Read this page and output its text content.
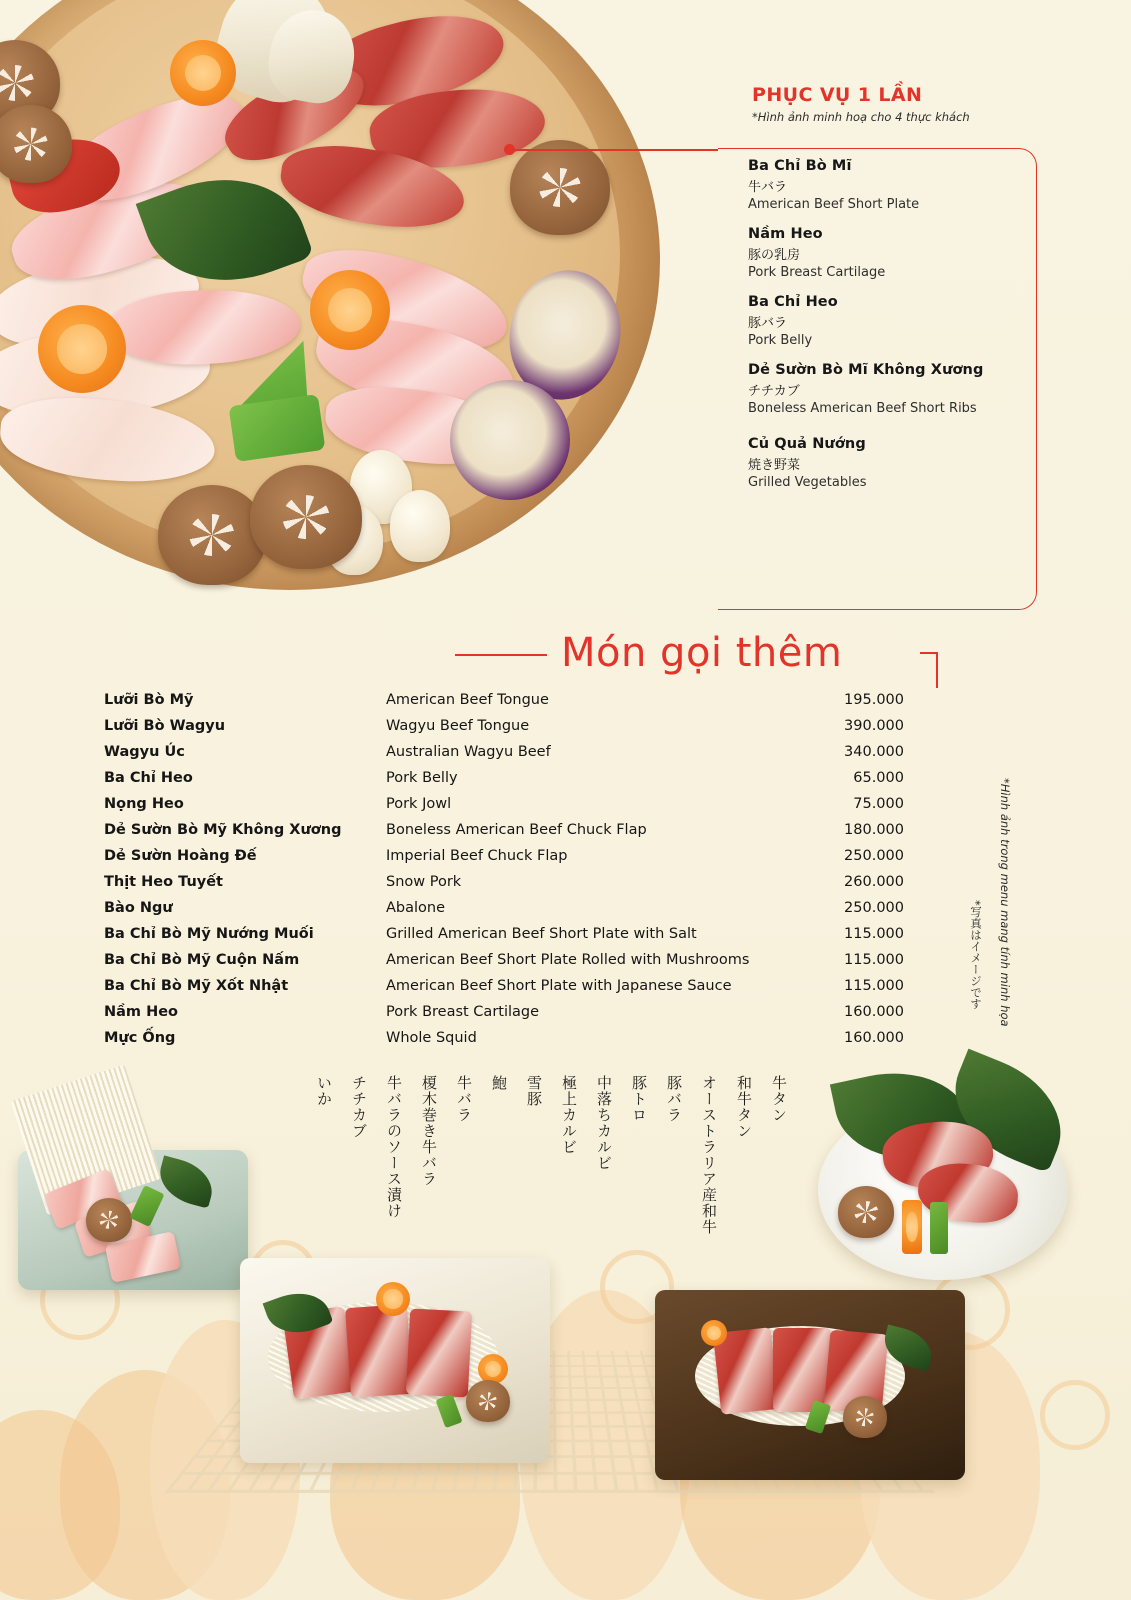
PHỤC VỤ 1 LẦN
*Hình ảnh minh hoạ cho 4 thực khách
Ba Chỉ Bò Mĩ
牛バラ
American Beef Short Plate
Nầm Heo
豚の乳房
Pork Breast Cartilage
Ba Chỉ Heo
豚バラ
Pork Belly
Dẻ Sườn Bò Mĩ Không Xương
チチカブ
Boneless American Beef Short Ribs
Củ Quả Nướng
焼き野菜
Grilled Vegetables
Món gọi thêm
Lưỡi Bò Mỹ	American Beef Tongue	195.000
Lưỡi Bò Wagyu	Wagyu Beef Tongue	390.000
Wagyu Úc	Australian Wagyu Beef	340.000
Ba Chỉ Heo	Pork Belly	65.000
Nọng Heo	Pork Jowl	75.000
Dẻ Sườn Bò Mỹ Không Xương	Boneless American Beef Chuck Flap	180.000
Dẻ Sườn Hoàng Đế	Imperial Beef Chuck Flap	250.000
Thịt Heo Tuyết	Snow Pork	260.000
Bào Ngư	Abalone	250.000
Ba Chỉ Bò Mỹ Nướng Muối	Grilled American Beef Short Plate with Salt	115.000
Ba Chỉ Bò Mỹ Cuộn Nấm	American Beef Short Plate Rolled with Mushrooms	115.000
Ba Chỉ Bò Mỹ Xốt Nhật	American Beef Short Plate with Japanese Sauce	115.000
Nầm Heo	Pork Breast Cartilage	160.000
Mực Ống	Whole Squid	160.000
*Hình ảnh trong menu mang tính minh họa
*写真はイメージです
牛タン
和牛タン
オーストラリア産和牛
豚バラ
豚トロ
中落ちカルビ
極上カルビ
雪豚
鮑
牛バラ
榎木巻き牛バラ
牛バラのソース漬け
チチカブ
いか
